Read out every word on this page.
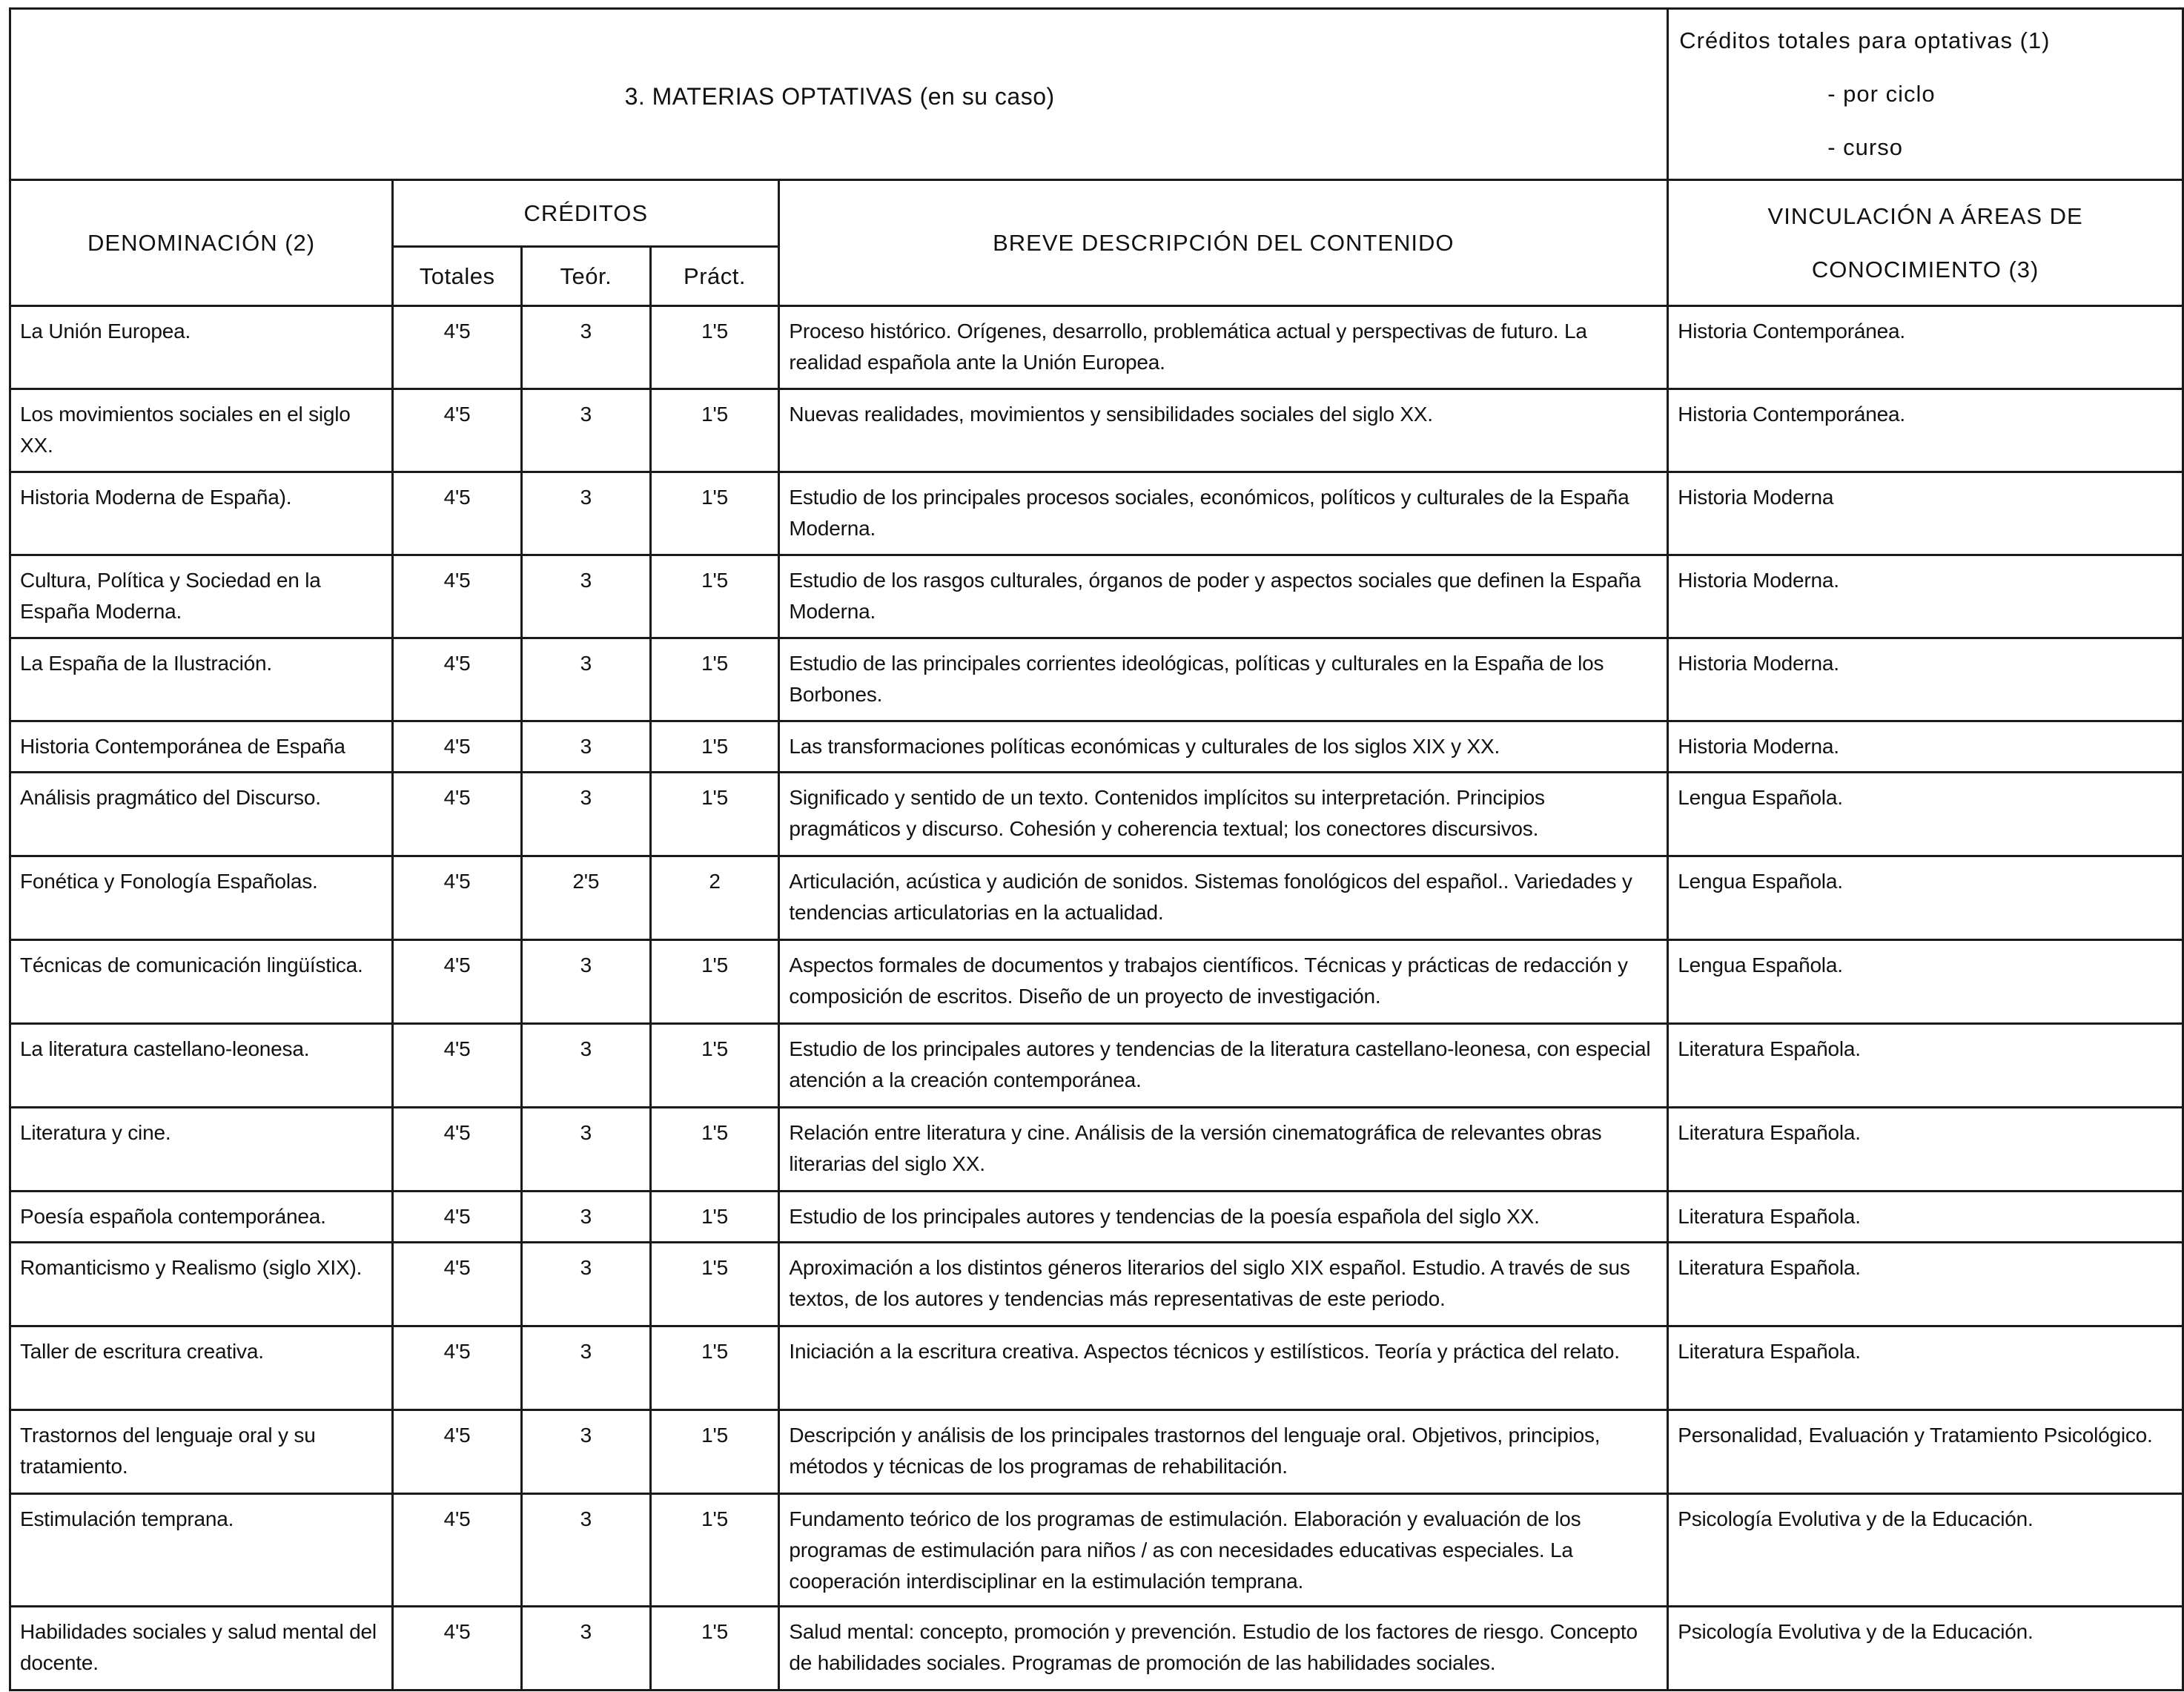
3. MATERIAS OPTATIVAS (en su caso)					Créditos totales para optativas (1)
- por ciclo
- curso

DENOMINACIÓN (2)	CRÉDITOS			BREVE DESCRIPCIÓN DEL CONTENIDO	VINCULACIÓN A ÁREAS DE CONOCIMIENTO (3)
	Totales	Teór.	Práct.		
La Unión Europea.	4'5	3	1'5	Proceso histórico. Orígenes, desarrollo, problemática actual y perspectivas de futuro. La realidad española ante la Unión Europea.	Historia Contemporánea.
Los movimientos sociales en el siglo XX.	4'5	3	1'5	Nuevas realidades, movimientos y sensibilidades sociales del siglo XX.	Historia Contemporánea.
Historia Moderna de España).	4'5	3	1'5	Estudio de los principales procesos sociales, económicos, políticos y culturales de la España Moderna.	Historia Moderna
Cultura, Política y Sociedad en la España Moderna.	4'5	3	1'5	Estudio de los rasgos culturales, órganos de poder y aspectos sociales que definen la España Moderna.	Historia Moderna.
La España de la Ilustración.	4'5	3	1'5	Estudio de las principales corrientes ideológicas, políticas y culturales en la España de los Borbones.	Historia Moderna.
Historia Contemporánea de España	4'5	3	1'5	Las transformaciones políticas económicas y culturales de los siglos XIX y XX.	Historia Moderna.
Análisis pragmático del Discurso.	4'5	3	1'5	Significado y sentido de un texto. Contenidos implícitos su interpretación. Principios pragmáticos y discurso. Cohesión y coherencia textual; los conectores discursivos.	Lengua Española.
Fonética y Fonología Españolas.	4'5	2'5	2	Articulación, acústica y audición de sonidos. Sistemas fonológicos del español.. Variedades y tendencias articulatorias en la actualidad.	Lengua Española.
Técnicas de comunicación lingüística.	4'5	3	1'5	Aspectos formales de documentos y trabajos científicos. Técnicas y prácticas de redacción y composición de escritos. Diseño de un proyecto de investigación.	Lengua Española.
La literatura castellano-leonesa.	4'5	3	1'5	Estudio de los principales autores y tendencias de la literatura castellano-leonesa, con especial atención a la creación contemporánea.	Literatura Española.
Literatura y cine.	4'5	3	1'5	Relación entre literatura y cine. Análisis de la versión cinematográfica de relevantes obras literarias del siglo XX.	Literatura Española.
Poesía española contemporánea.	4'5	3	1'5	Estudio de los principales autores y tendencias de la poesía española del siglo XX.	Literatura Española.
Romanticismo y Realismo (siglo XIX).	4'5	3	1'5	Aproximación a los distintos géneros literarios del siglo XIX español. Estudio. A través de sus textos, de los autores y tendencias más representativas de este periodo.	Literatura Española.
Taller de escritura creativa.	4'5	3	1'5	Iniciación a la escritura creativa. Aspectos técnicos y estilísticos. Teoría y práctica del relato.	Literatura Española.
Trastornos del lenguaje oral y su tratamiento.	4'5	3	1'5	Descripción y análisis de los principales trastornos del lenguaje oral. Objetivos, principios, métodos y técnicas de los programas de rehabilitación.	Personalidad, Evaluación y Tratamiento Psicológico.
Estimulación temprana.	4'5	3	1'5	Fundamento teórico de los programas de estimulación. Elaboración y evaluación de los programas de estimulación para niños / as con necesidades educativas especiales. La cooperación interdisciplinar en la estimulación temprana.	Psicología Evolutiva y de la Educación.
Habilidades sociales y salud mental del docente.	4'5	3	1'5	Salud mental: concepto, promoción y prevención. Estudio de los factores de riesgo. Concepto de habilidades sociales. Programas de promoción de las habilidades sociales.	Psicología Evolutiva y de la Educación.
